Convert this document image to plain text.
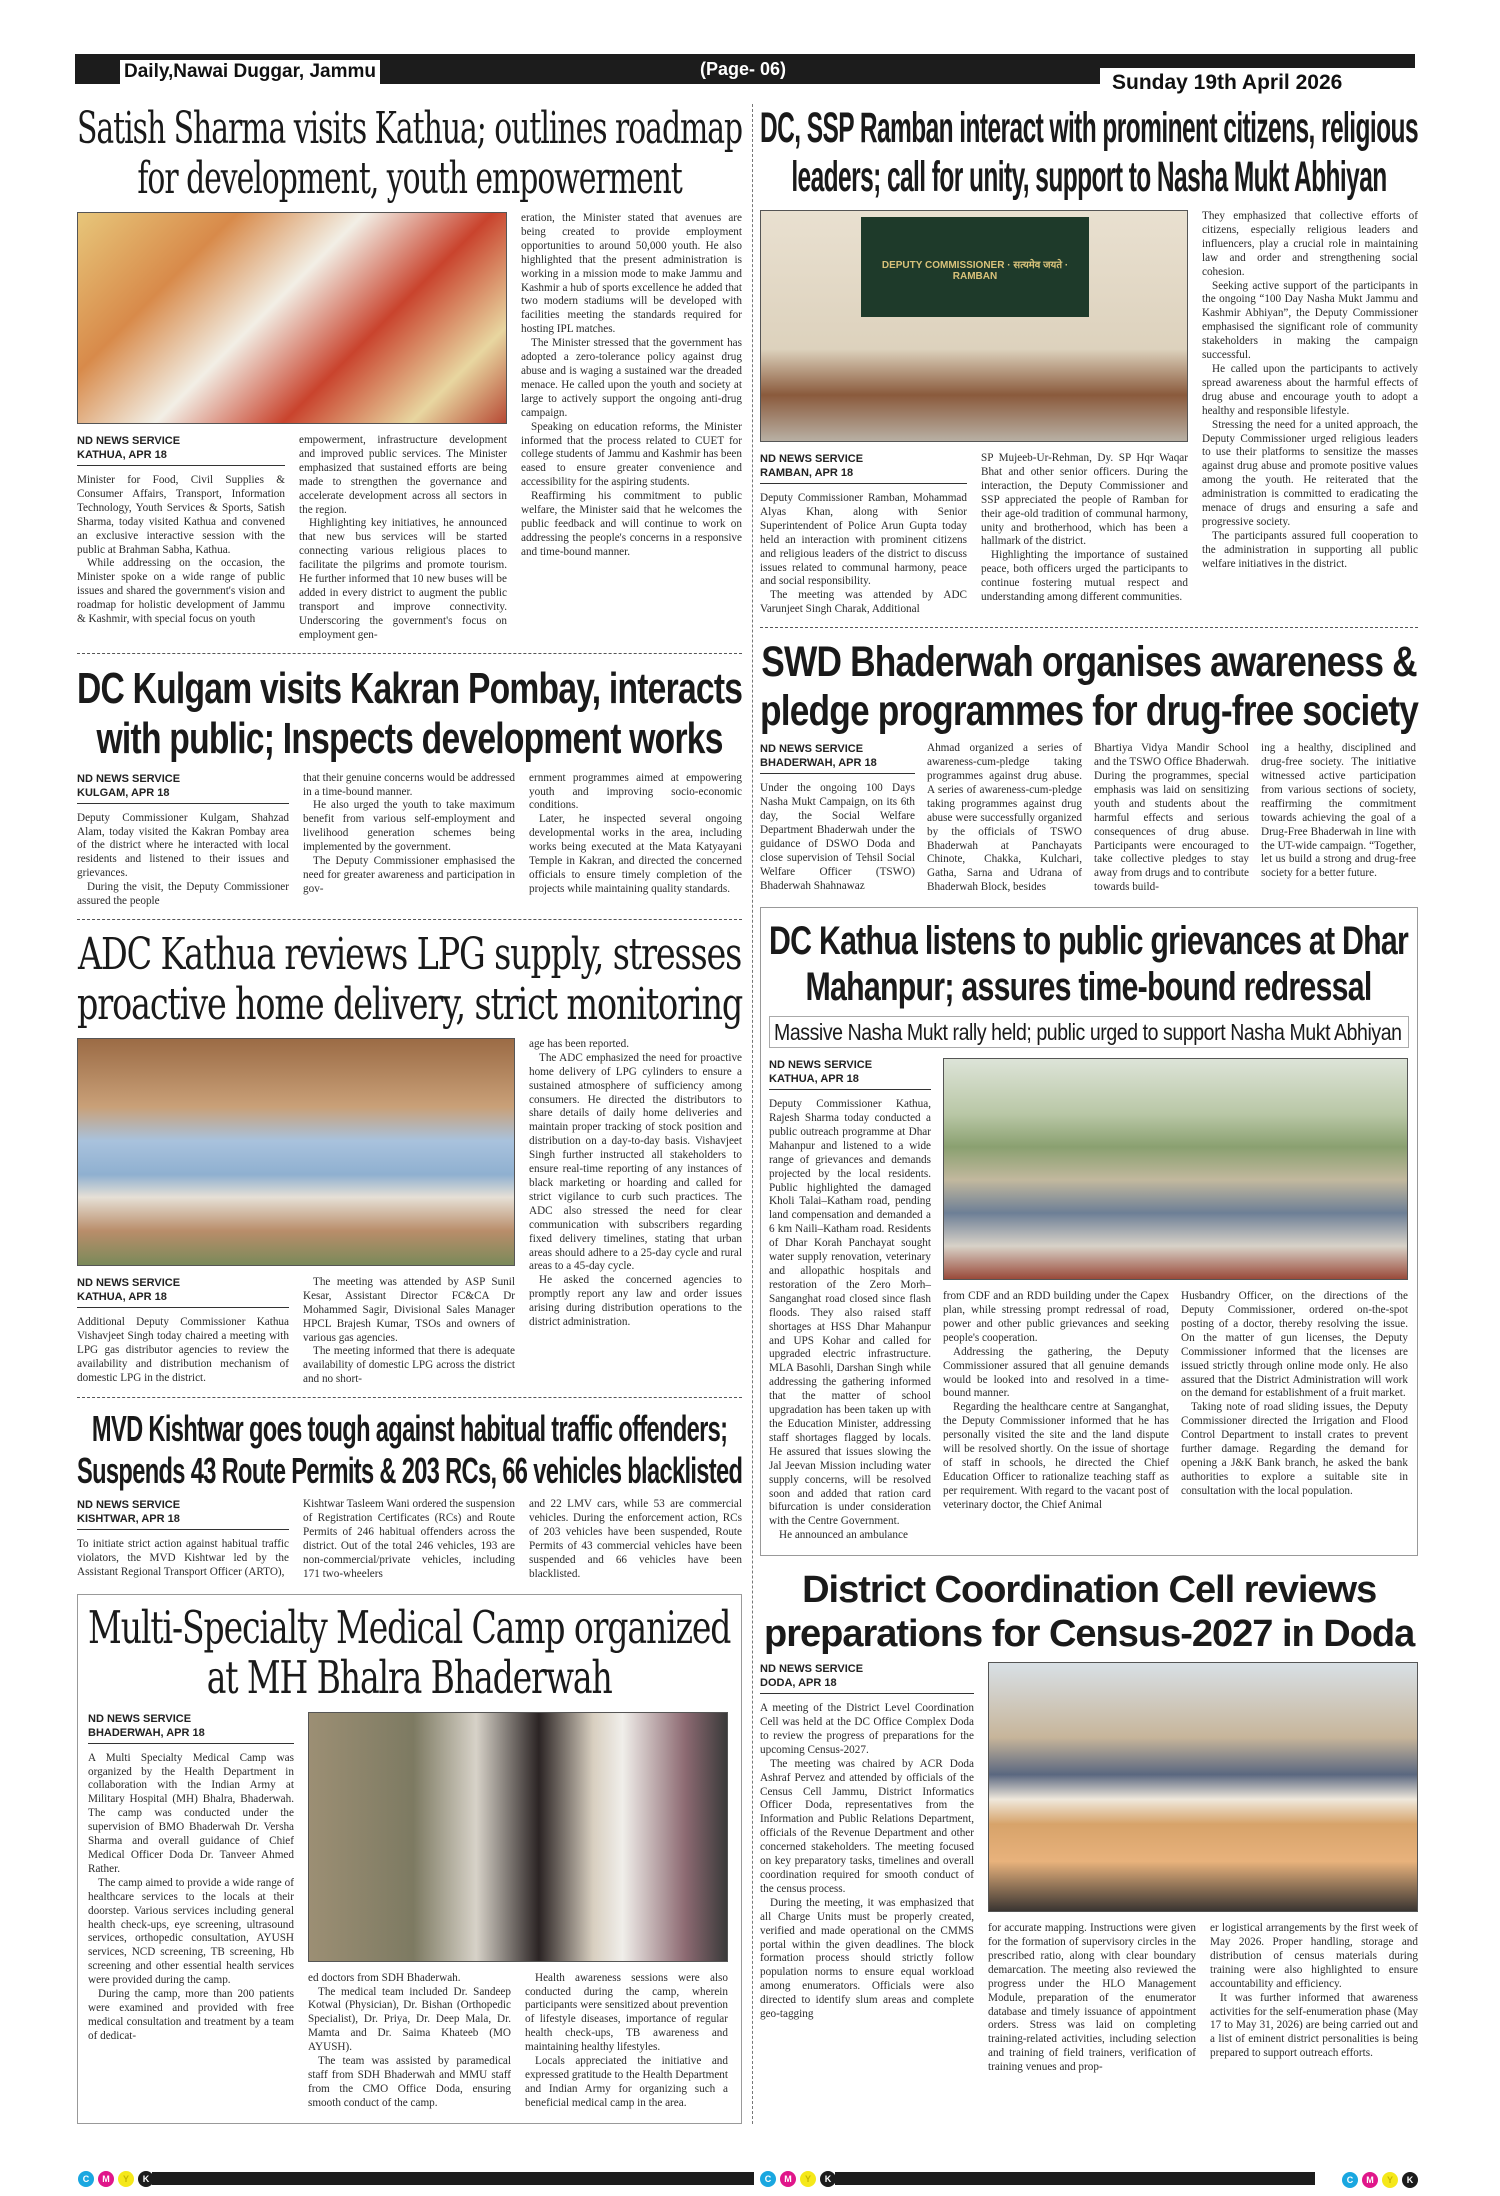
Daily,Nawai Duggar, Jammu	(Page- 06)
Sunday 19th April 2026
Satish Sharma visits Kathua; outlines roadmap
for development, youth empowerment
ND NEWS SERVICE
KATHUA, APR 18

Minister for Food, Civil Supplies & Consumer Affairs, Transport, Information Technology, Youth Services & Sports, Satish Sharma, today visited Kathua and convened an exclusive interactive session with the public at Brahman Sabha, Kathua.

While addressing on the occasion, the Minister spoke on a wide range of public issues and shared the government's vision and roadmap for holistic development of Jammu & Kashmir, with special focus on youth

empowerment, infrastructure development and improved public services. The Minister emphasized that sustained efforts are being made to strengthen the governance and accelerate development across all sectors in the region.

Highlighting key initiatives, he announced that new bus services will be started connecting various religious places to facilitate the pilgrims and promote tourism. He further informed that 10 new buses will be added in every district to augment the public transport and improve connectivity. Underscoring the government's focus on employment gen-

eration, the Minister stated that avenues are being created to provide employment opportunities to around 50,000 youth. He also highlighted that the present administration is working in a mission mode to make Jammu and Kashmir a hub of sports excellence he added that two modern stadiums will be developed with facilities meeting the standards required for hosting IPL matches.

The Minister stressed that the government has adopted a zero-tolerance policy against drug abuse and is waging a sustained war the dreaded menace. He called upon the youth and society at large to actively support the ongoing anti-drug campaign.

Speaking on education reforms, the Minister informed that the process related to CUET for college students of Jammu and Kashmir has been eased to ensure greater convenience and accessibility for the aspiring students.

Reaffirming his commitment to public welfare, the Minister said that he welcomes the public feedback and will continue to work on addressing the people's concerns in a responsive and time-bound manner.

DC Kulgam visits Kakran Pombay, interacts
with public; Inspects development works
ND NEWS SERVICE
KULGAM, APR 18

Deputy Commissioner Kulgam, Shahzad Alam, today visited the Kakran Pombay area of the district where he interacted with local residents and listened to their issues and grievances.

During the visit, the Deputy Commissioner assured the people

that their genuine concerns would be addressed in a time-bound manner.

He also urged the youth to take maximum benefit from various self-employment and livelihood generation schemes being implemented by the government.

The Deputy Commissioner emphasised the need for greater awareness and participation in gov-

ernment programmes aimed at empowering youth and improving socio-economic conditions.

Later, he inspected several ongoing developmental works in the area, including works being executed at the Mata Katyayani Temple in Kakran, and directed the concerned officials to ensure timely completion of the projects while maintaining quality standards.

ADC Kathua reviews LPG supply, stresses
proactive home delivery, strict monitoring
ND NEWS SERVICE
KATHUA, APR 18

Additional Deputy Commissioner Kathua Vishavjeet Singh today chaired a meeting with LPG gas distributor agencies to review the availability and distribution mechanism of domestic LPG in the district.

The meeting was attended by ASP Sunil Kesar, Assistant Director FC&CA Dr Mohammed Sagir, Divisional Sales Manager HPCL Brajesh Kumar, TSOs and owners of various gas agencies.

The meeting informed that there is adequate availability of domestic LPG across the district and no short-

age has been reported.

The ADC emphasized the need for proactive home delivery of LPG cylinders to ensure a sustained atmosphere of sufficiency among consumers. He directed the distributors to share details of daily home deliveries and maintain proper tracking of stock position and distribution on a day-to-day basis. Vishavjeet Singh further instructed all stakeholders to ensure real-time reporting of any instances of black marketing or hoarding and called for strict vigilance to curb such practices. The ADC also stressed the need for clear communication with subscribers regarding fixed delivery timelines, stating that urban areas should adhere to a 25-day cycle and rural areas to a 45-day cycle.

He asked the concerned agencies to promptly report any law and order issues arising during distribution operations to the district administration.

MVD Kishtwar goes tough against habitual traffic offenders;
Suspends 43 Route Permits & 203 RCs, 66 vehicles blacklisted
ND NEWS SERVICE
KISHTWAR, APR 18

To initiate strict action against habitual traffic violators, the MVD Kishtwar led by the Assistant Regional Transport Officer (ARTO),

Kishtwar Tasleem Wani ordered the suspension of Registration Certificates (RCs) and Route Permits of 246 habitual offenders across the district. Out of the total 246 vehicles, 193 are non-commercial/private vehicles, including 171 two-wheelers

and 22 LMV cars, while 53 are commercial vehicles. During the enforcement action, RCs of 203 vehicles have been suspended, Route Permits of 43 commercial vehicles have been suspended and 66 vehicles have been blacklisted.

Multi-Specialty Medical Camp organized
at MH Bhalra Bhaderwah
ND NEWS SERVICE
BHADERWAH, APR 18

A Multi Specialty Medical Camp was organized by the Health Department in collaboration with the Indian Army at Military Hospital (MH) Bhalra, Bhaderwah. The camp was conducted under the supervision of BMO Bhaderwah Dr. Versha Sharma and overall guidance of Chief Medical Officer Doda Dr. Tanveer Ahmed Rather.

The camp aimed to provide a wide range of healthcare services to the locals at their doorstep. Various services including general health check-ups, eye screening, ultrasound services, orthopedic consultation, AYUSH services, NCD screening, TB screening, Hb screening and other essential health services were provided during the camp.

During the camp, more than 200 patients were examined and provided with free medical consultation and treatment by a team of dedicat-

ed doctors from SDH Bhaderwah.

The medical team included Dr. Sandeep Kotwal (Physician), Dr. Bishan (Orthopedic Specialist), Dr. Priya, Dr. Deep Mala, Dr. Mamta and Dr. Saima Khateeb (MO AYUSH).

The team was assisted by paramedical staff from SDH Bhaderwah and MMU staff from the CMO Office Doda, ensuring smooth conduct of the camp.

Health awareness sessions were also conducted during the camp, wherein participants were sensitized about prevention of lifestyle diseases, importance of regular health check-ups, TB awareness and maintaining healthy lifestyles.

Locals appreciated the initiative and expressed gratitude to the Health Department and Indian Army for organizing such a beneficial medical camp in the area.

DC, SSP Ramban interact with prominent citizens, religious
leaders; call for unity, support to Nasha Mukt Abhiyan
DEPUTY COMMISSIONER · सत्यमेव जयते · RAMBAN
ND NEWS SERVICE
RAMBAN, APR 18

Deputy Commissioner Ramban, Mohammad Alyas Khan, along with Senior Superintendent of Police Arun Gupta today held an interaction with prominent citizens and religious leaders of the district to discuss issues related to communal harmony, peace and social responsibility.

The meeting was attended by ADC Varunjeet Singh Charak, Additional

SP Mujeeb-Ur-Rehman, Dy. SP Hqr Waqar Bhat and other senior officers. During the interaction, the Deputy Commissioner and SSP appreciated the people of Ramban for their age-old tradition of communal harmony, unity and brotherhood, which has been a hallmark of the district.

Highlighting the importance of sustained peace, both officers urged the participants to continue fostering mutual respect and understanding among different communities.

They emphasized that collective efforts of citizens, especially religious leaders and influencers, play a crucial role in maintaining law and order and strengthening social cohesion.

Seeking active support of the participants in the ongoing “100 Day Nasha Mukt Jammu and Kashmir Abhiyan”, the Deputy Commissioner emphasised the significant role of community stakeholders in making the campaign successful.

He called upon the participants to actively spread awareness about the harmful effects of drug abuse and encourage youth to adopt a healthy and responsible lifestyle.

Stressing the need for a united approach, the Deputy Commissioner urged religious leaders to use their platforms to sensitize the masses against drug abuse and promote positive values among the youth. He reiterated that the administration is committed to eradicating the menace of drugs and ensuring a safe and progressive society.

The participants assured full cooperation to the administration in supporting all public welfare initiatives in the district.

SWD Bhaderwah organises awareness &
pledge programmes for drug-free society
ND NEWS SERVICE
BHADERWAH, APR 18

Under the ongoing 100 Days Nasha Mukt Campaign, on its 6th day, the Social Welfare Department Bhaderwah under the guidance of DSWO Doda and close supervision of Tehsil Social Welfare Officer (TSWO) Bhaderwah Shahnawaz

Ahmad organized a series of awareness-cum-pledge taking programmes against drug abuse. A series of awareness-cum-pledge taking programmes against drug abuse were successfully organized by the officials of TSWO Bhaderwah at Panchayats Chinote, Chakka, Kulchari, Gatha, Sarna and Udrana of Bhaderwah Block, besides

Bhartiya Vidya Mandir School and the TSWO Office Bhaderwah. During the programmes, special emphasis was laid on sensitizing youth and students about the harmful effects and serious consequences of drug abuse. Participants were encouraged to take collective pledges to stay away from drugs and to contribute towards build-

ing a healthy, disciplined and drug-free society. The initiative witnessed active participation from various sections of society, reaffirming the commitment towards achieving the goal of a Drug-Free Bhaderwah in line with the UT-wide campaign. “Together, let us build a strong and drug-free society for a better future.

DC Kathua listens to public grievances at Dhar
Mahanpur; assures time-bound redressal
Massive Nasha Mukt rally held; public urged to support Nasha Mukt Abhiyan
ND NEWS SERVICE
KATHUA, APR 18

Deputy Commissioner Kathua, Rajesh Sharma today conducted a public outreach programme at Dhar Mahanpur and listened to a wide range of grievances and demands projected by the local residents. Public highlighted the damaged Kholi Talai–Katham road, pending land compensation and demanded a 6 km Naili–Katham road. Residents of Dhar Korah Panchayat sought water supply renovation, veterinary and allopathic hospitals and restoration of the Zero Morh–Sanganghat road closed since flash floods. They also raised staff shortages at HSS Dhar Mahanpur and UPS Kohar and called for upgraded electric infrastructure. MLA Basohli, Darshan Singh while addressing the gathering informed that the matter of school upgradation has been taken up with the Education Minister, addressing staff shortages flagged by locals. He assured that issues slowing the Jal Jeevan Mission including water supply concerns, will be resolved soon and added that ration card bifurcation is under consideration with the Centre Government.

He announced an ambulance

from CDF and an RDD building under the Capex plan, while stressing prompt redressal of road, power and other public grievances and seeking people's cooperation.

Addressing the gathering, the Deputy Commissioner assured that all genuine demands would be looked into and resolved in a time-bound manner.

Regarding the healthcare centre at Sanganghat, the Deputy Commissioner informed that he has personally visited the site and the land dispute will be resolved shortly. On the issue of shortage of staff in schools, he directed the Chief Education Officer to rationalize teaching staff as per requirement. With regard to the vacant post of veterinary doctor, the Chief Animal

Husbandry Officer, on the directions of the Deputy Commissioner, ordered on-the-spot posting of a doctor, thereby resolving the issue. On the matter of gun licenses, the Deputy Commissioner informed that the licenses are issued strictly through online mode only. He also assured that the District Administration will work on the demand for establishment of a fruit market.

Taking note of road sliding issues, the Deputy Commissioner directed the Irrigation and Flood Control Department to install crates to prevent further damage. Regarding the demand for opening a J&K Bank branch, he asked the bank authorities to explore a suitable site in consultation with the local population.

District Coordination Cell reviews
preparations for Census-2027 in Doda
ND NEWS SERVICE
DODA, APR 18

A meeting of the District Level Coordination Cell was held at the DC Office Complex Doda to review the progress of preparations for the upcoming Census-2027.

The meeting was chaired by ACR Doda Ashraf Pervez and attended by officials of the Census Cell Jammu, District Informatics Officer Doda, representatives from the Information and Public Relations Department, officials of the Revenue Department and other concerned stakeholders. The meeting focused on key preparatory tasks, timelines and overall coordination required for smooth conduct of the census process.

During the meeting, it was emphasized that all Charge Units must be properly created, verified and made operational on the CMMS portal within the given deadlines. The block formation process should strictly follow population norms to ensure equal workload among enumerators. Officials were also directed to identify slum areas and complete geo-tagging

for accurate mapping. Instructions were given for the formation of supervisory circles in the prescribed ratio, along with clear boundary demarcation. The meeting also reviewed the progress under the HLO Management Module, preparation of the enumerator database and timely issuance of appointment orders. Stress was laid on completing training-related activities, including selection and training of field trainers, verification of training venues and prop-

er logistical arrangements by the first week of May 2026. Proper handling, storage and distribution of census materials during training were also highlighted to ensure accountability and efficiency.

It was further informed that awareness activities for the self-enumeration phase (May 17 to May 31, 2026) are being carried out and a list of eminent district personalities is being prepared to support outreach efforts.

C	M	Y	K	C	M	Y	K	C	M	Y	K
